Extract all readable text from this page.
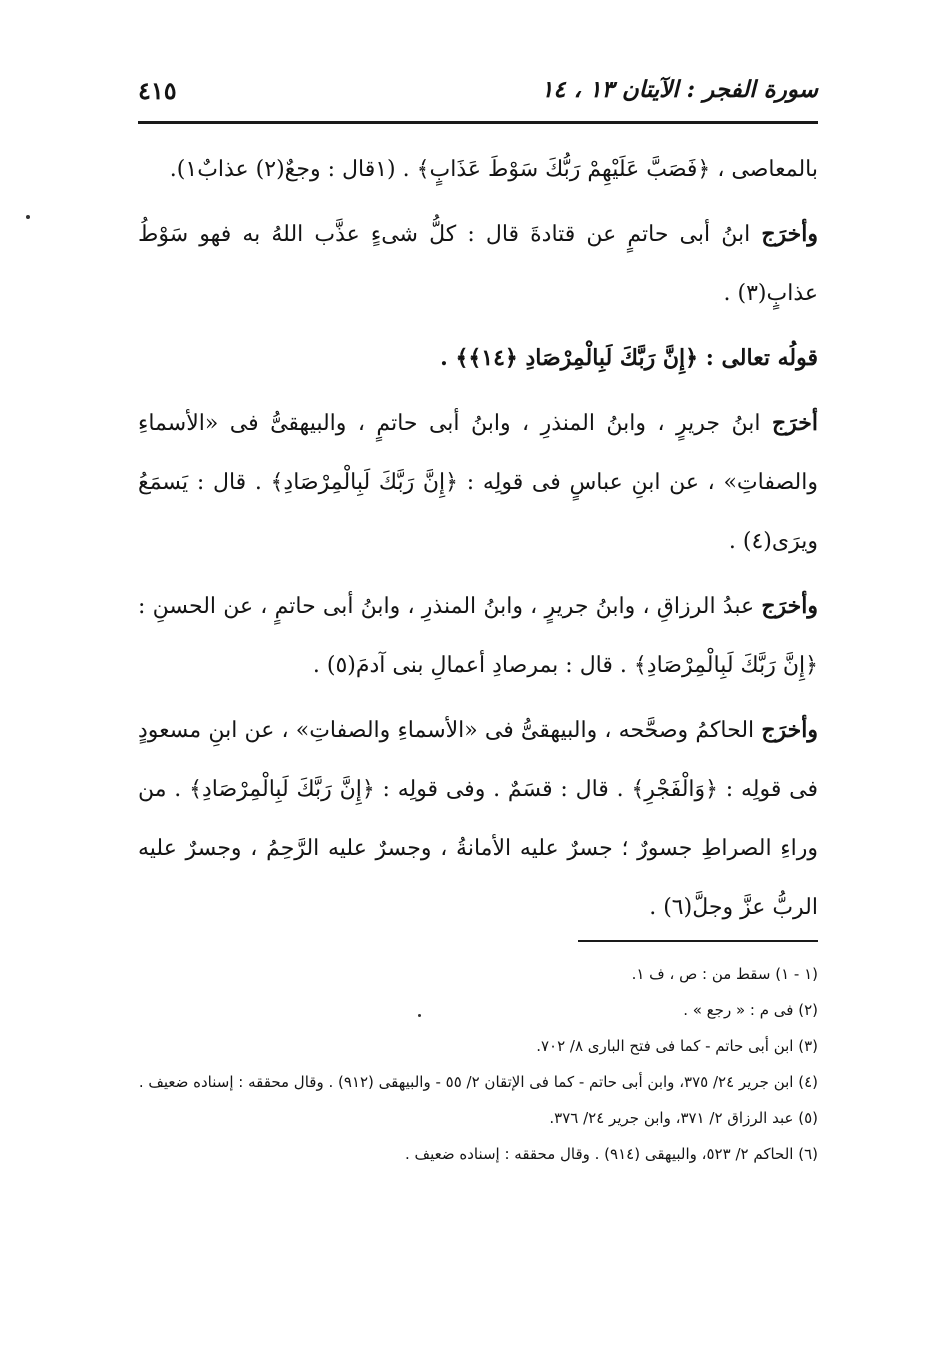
سورة الفجر : الآيتان ١٣ ، ١٤
٤١٥

بالمعاصى ، ﴿فَصَبَّ عَلَيْهِمْ رَبُّكَ سَوْطَ عَذَابٍ﴾ . (١قال : وجعٌ(٢) عذابٌ١).

وأخرَج ابنُ أبى حاتمٍ عن قتادةَ قال : كلُّ شىءٍ عذَّب اللهُ به فهو سَوْطُ عذابٍ(٣) .

قولُه تعالى : ﴿إِنَّ رَبَّكَ لَبِالْمِرْصَادِ ﴿١٤﴾﴾ .

أخرَج ابنُ جريرٍ ، وابنُ المنذرِ ، وابنُ أبى حاتمٍ ، والبيهقىُّ فى «الأسماءِ والصفاتِ» ، عن ابنِ عباسٍ فى قولِه : ﴿إِنَّ رَبَّكَ لَبِالْمِرْصَادِ﴾ . قال : يَسمَعُ ويرَى(٤) .

وأخرَج عبدُ الرزاقِ ، وابنُ جريرٍ ، وابنُ المنذرِ ، وابنُ أبى حاتمٍ ، عن الحسنِ : ﴿إِنَّ رَبَّكَ لَبِالْمِرْصَادِ﴾ . قال : بمرصادِ أعمالِ بنى آدمَ(٥) .

وأخرَج الحاكمُ وصحَّحه ، والبيهقىُّ فى «الأسماءِ والصفاتِ» ، عن ابنِ مسعودٍ فى قولِه : ﴿وَالْفَجْرِ﴾ . قال : قسَمٌ . وفى قولِه : ﴿إِنَّ رَبَّكَ لَبِالْمِرْصَادِ﴾ . من وراءِ الصراطِ جسورٌ ؛ جسرٌ عليه الأمانةُ ، وجسرٌ عليه الرَّحِمُ ، وجسرٌ عليه الربُّ عزَّ وجلَّ(٦) .

(١ - ١) سقط من : ص ، ف ١.

(٢) فى م : « رجع » .

(٣) ابن أبى حاتم - كما فى فتح البارى ٨/ ٧٠٢.

(٤) ابن جرير ٢٤/ ٣٧٥، وابن أبى حاتم - كما فى الإتقان ٢/ ٥٥ - والبيهقى (٩١٢) . وقال محققه : إسناده ضعيف .

(٥) عبد الرزاق ٢/ ٣٧١، وابن جرير ٢٤/ ٣٧٦.

(٦) الحاكم ٢/ ٥٢٣، والبيهقى (٩١٤) . وقال محققه : إسناده ضعيف .
